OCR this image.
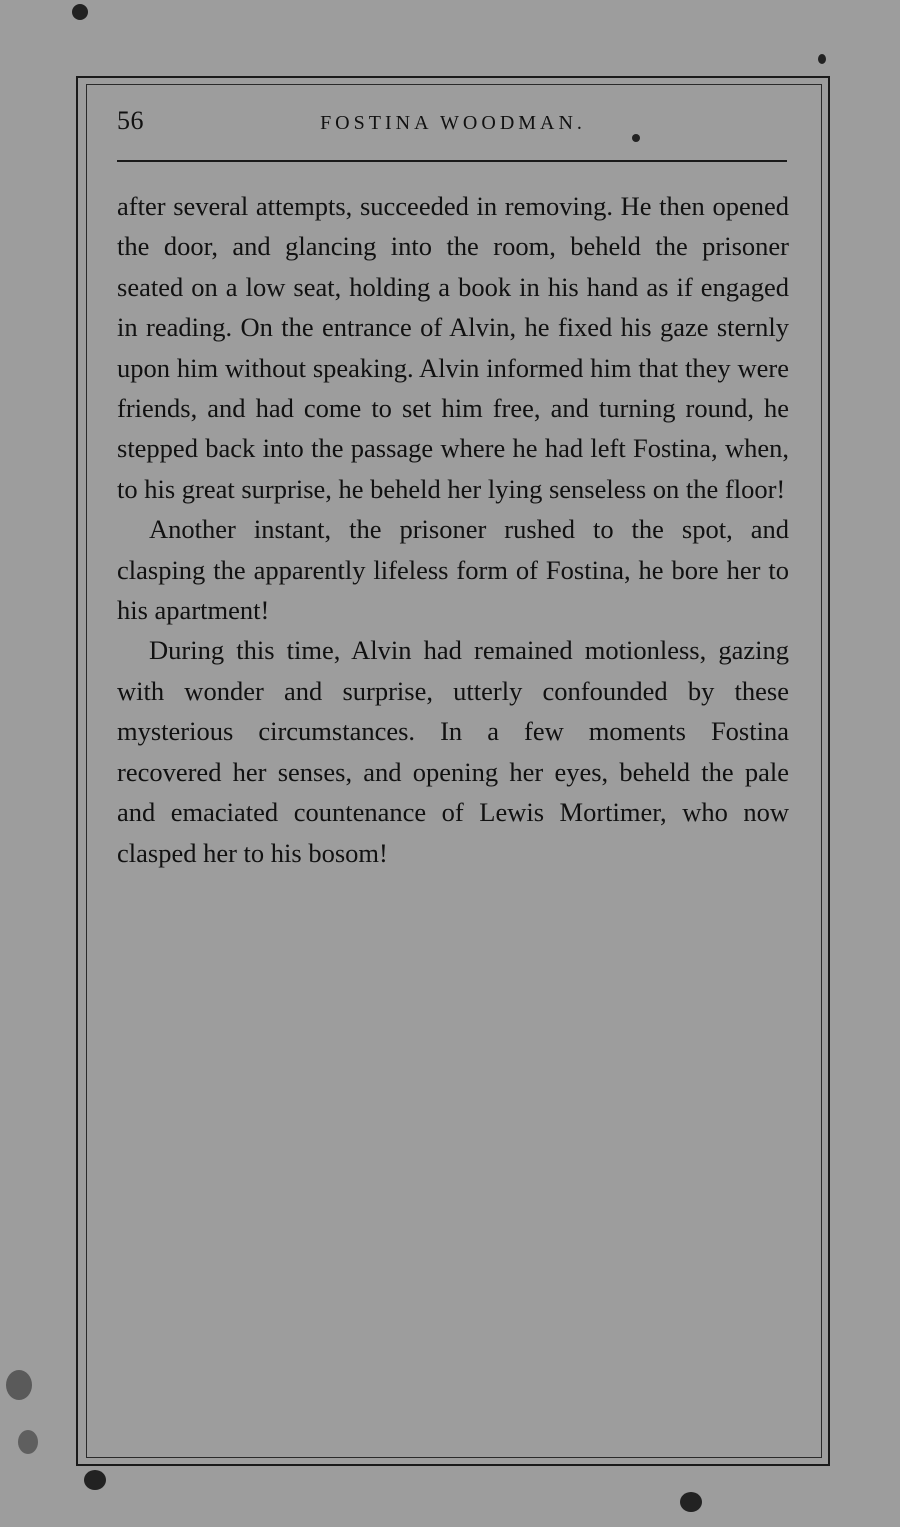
56	FOSTINA WOODMAN.

after several attempts, succeeded in removing. He then opened the door, and glancing into the room, beheld the prisoner seated on a low seat, holding a book in his hand as if engaged in reading. On the entrance of Alvin, he fixed his gaze sternly upon him without speaking. Alvin informed him that they were friends, and had come to set him free, and turning round, he stepped back into the passage where he had left Fostina, when, to his great surprise, he beheld her lying senseless on the floor!

Another instant, the prisoner rushed to the spot, and clasping the apparently lifeless form of Fostina, he bore her to his apartment!

During this time, Alvin had remained motionless, gazing with wonder and surprise, utterly confounded by these mysterious circumstances. In a few moments Fostina recovered her senses, and opening her eyes, beheld the pale and emaciated countenance of Lewis Mortimer, who now clasped her to his bosom!
